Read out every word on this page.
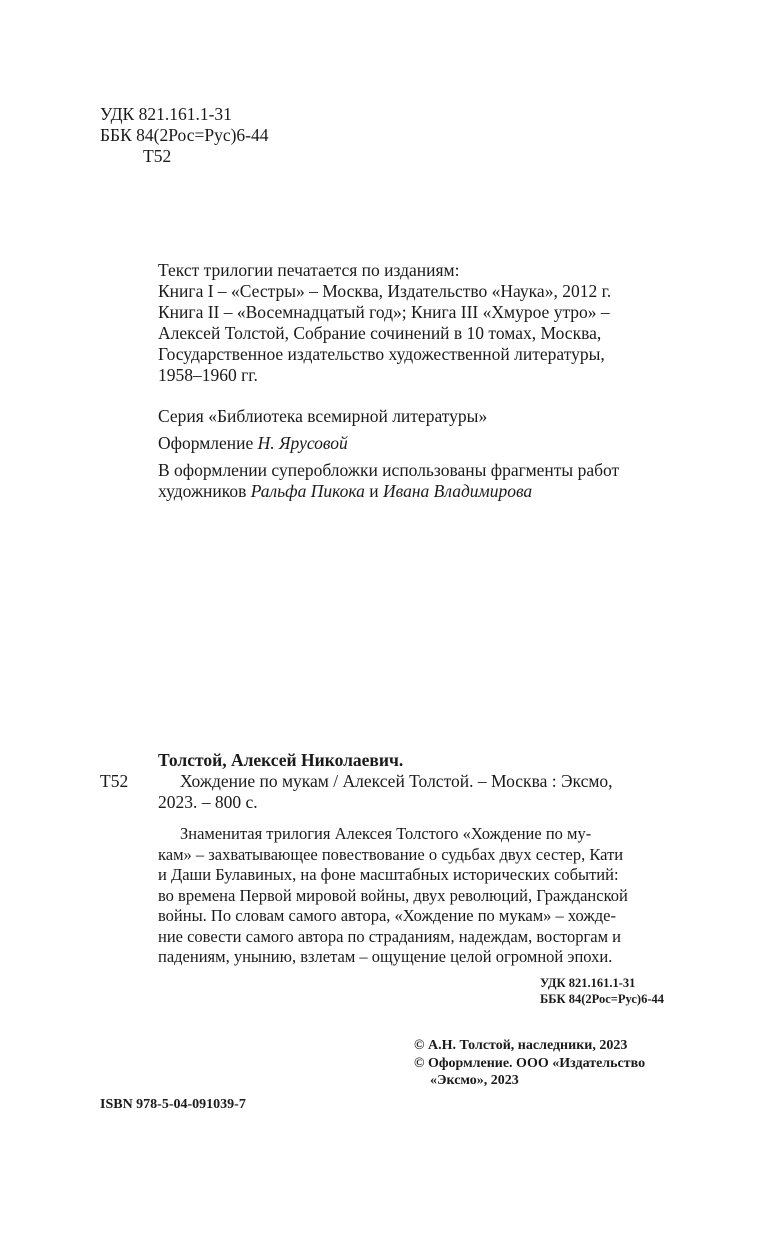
УДК 821.161.1-31
ББК 84(2Рос=Рус)6-44
Т52
Текст трилогии печатается по изданиям:
Книга I – «Сестры» – Москва, Издательство «Наука», 2012 г.
Книга II – «Восемнадцатый год»; Книга III «Хмурое утро» –
Алексей Толстой, Собрание сочинений в 10 томах, Москва,
Государственное издательство художественной литературы,
1958–1960 гг.
Серия «Библиотека всемирной литературы»
Оформление Н. Ярусовой
В оформлении суперобложки использованы фрагменты работ
художников Ральфа Пикока и Ивана Владимирова
Толстой, Алексей Николаевич.
Т52	Хождение по мукам / Алексей Толстой. – Москва : Эксмо,
2023. – 800 с.
Знаменитая трилогия Алексея Толстого «Хождение по му-
кам» – захватывающее повествование о судьбах двух сестер, Кати
и Даши Булавиных, на фоне масштабных исторических событий:
во времена Первой мировой войны, двух революций, Гражданской
войны. По словам самого автора, «Хождение по мукам» – хожде-
ние совести самого автора по страданиям, надеждам, восторгам и
падениям, унынию, взлетам – ощущение целой огромной эпохи.
УДК 821.161.1-31
ББК 84(2Рос=Рус)6-44
ISBN 978-5-04-091039-7
© А.Н. Толстой, наследники, 2023
© Оформление. ООО «Издательство
«Эксмо», 2023
